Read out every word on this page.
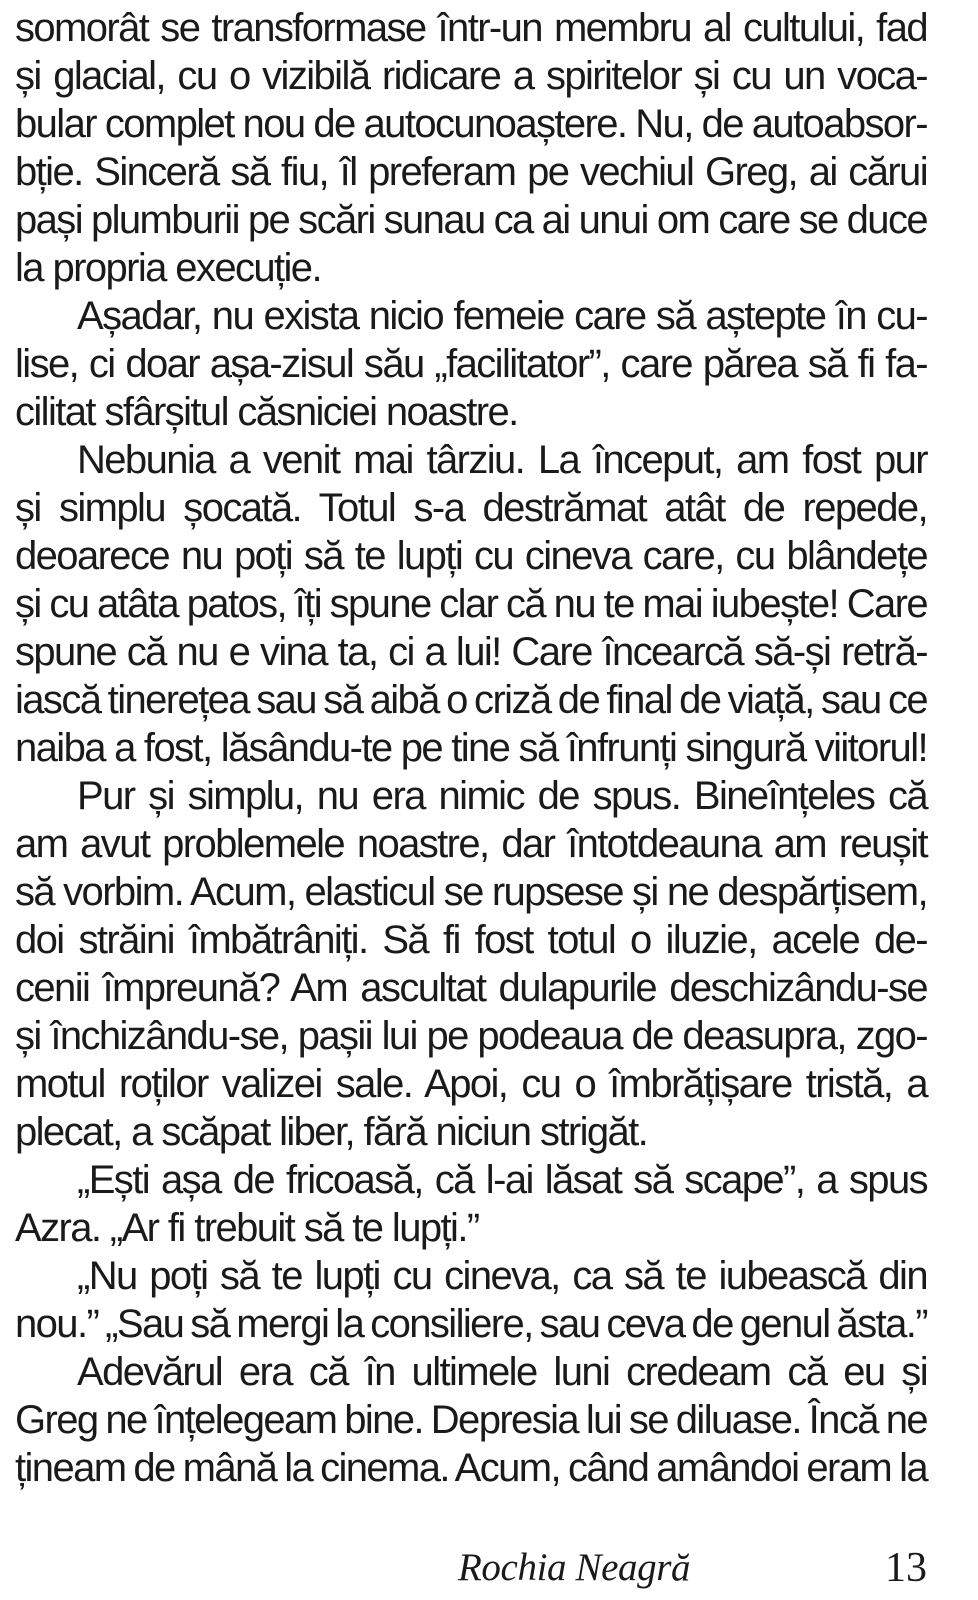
somorât se transformase într-un membru al cultului, fad
și glacial, cu o vizibilă ridicare a spiritelor și cu un voca-
bular complet nou de autocunoaștere. Nu, de autoabsor-
bție. Sinceră să fiu, îl preferam pe vechiul Greg, ai cărui
pași plumburii pe scări sunau ca ai unui om care se duce
la propria execuție.
Așadar, nu exista nicio femeie care să aștepte în cu-
lise, ci doar așa-zisul său „facilitator”, care părea să fi fa-
cilitat sfârșitul căsniciei noastre.
Nebunia a venit mai târziu. La început, am fost pur
și simplu șocată. Totul s-a destrămat atât de repede,
deoarece nu poți să te lupți cu cineva care, cu blândețe
și cu atâta patos, îți spune clar că nu te mai iubește! Care
spune că nu e vina ta, ci a lui! Care încearcă să-și retră-
iască tinerețea sau să aibă o criză de final de viață, sau ce
naiba a fost, lăsându-te pe tine să înfrunți singură viitorul!
Pur și simplu, nu era nimic de spus. Bineînțeles că
am avut problemele noastre, dar întotdeauna am reușit
să vorbim. Acum, elasticul se rupsese și ne despărțisem,
doi străini îmbătrâniți. Să fi fost totul o iluzie, acele de-
cenii împreună? Am ascultat dulapurile deschizându-se
și închizându-se, pașii lui pe podeaua de deasupra, zgo-
motul roților valizei sale. Apoi, cu o îmbrățișare tristă, a
plecat, a scăpat liber, fără niciun strigăt.
„Ești așa de fricoasă, că l-ai lăsat să scape”, a spus
Azra. „Ar fi trebuit să te lupți.”
„Nu poți să te lupți cu cineva, ca să te iubească din
nou.” „Sau să mergi la consiliere, sau ceva de genul ăsta.”
Adevărul era că în ultimele luni credeam că eu și
Greg ne înțelegeam bine. Depresia lui se diluase. Încă ne
țineam de mână la cinema. Acum, când amândoi eram la
Rochia Neagră	13
